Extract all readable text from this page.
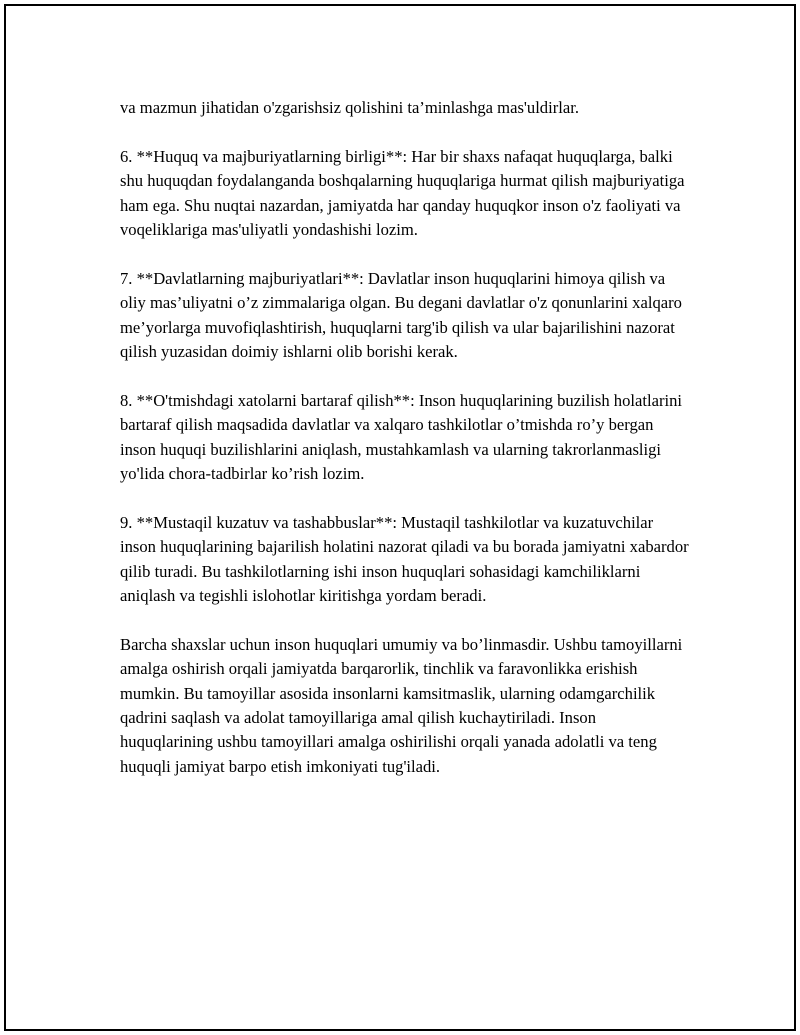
va mazmun jihatidan o'zgarishsiz qolishini ta’minlashga mas'uldirlar.

6. **Huquq va majburiyatlarning birligi**: Har bir shaxs nafaqat huquqlarga, balki shu huquqdan foydalanganda boshqalarning huquqlariga hurmat qilish majburiyatiga ham ega. Shu nuqtai nazardan, jamiyatda har qanday huquqkor inson o'z faoliyati va voqeliklariga mas'uliyatli yondashishi lozim.

7. **Davlatlarning majburiyatlari**: Davlatlar inson huquqlarini himoya qilish va oliy mas’uliyatni o’z zimmalariga olgan. Bu degani davlatlar o'z qonunlarini xalqaro me’yorlarga muvofiqlashtirish, huquqlarni targ'ib qilish va ular bajarilishini nazorat qilish yuzasidan doimiy ishlarni olib borishi kerak.

8. **O'tmishdagi xatolarni bartaraf qilish**: Inson huquqlarining buzilish holatlarini bartaraf qilish maqsadida davlatlar va xalqaro tashkilotlar o’tmishda ro’y bergan inson huquqi buzilishlarini aniqlash, mustahkamlash va ularning takrorlanmasligi yo'lida chora-tadbirlar ko’rish lozim.

9. **Mustaqil kuzatuv va tashabbuslar**: Mustaqil tashkilotlar va kuzatuvchilar inson huquqlarining bajarilish holatini nazorat qiladi va bu borada jamiyatni xabardor qilib turadi. Bu tashkilotlarning ishi inson huquqlari sohasidagi kamchiliklarni aniqlash va tegishli islohotlar kiritishga yordam beradi.

Barcha shaxslar uchun inson huquqlari umumiy va bo’linmasdir. Ushbu tamoyillarni amalga oshirish orqali jamiyatda barqarorlik, tinchlik va faravonlikka erishish mumkin. Bu tamoyillar asosida insonlarni kamsitmaslik, ularning odamgarchilik qadrini saqlash va adolat tamoyillariga amal qilish kuchaytiriladi. Inson huquqlarining ushbu tamoyillari amalga oshirilishi orqali yanada adolatli va teng huquqli jamiyat barpo etish imkoniyati tug'iladi.
